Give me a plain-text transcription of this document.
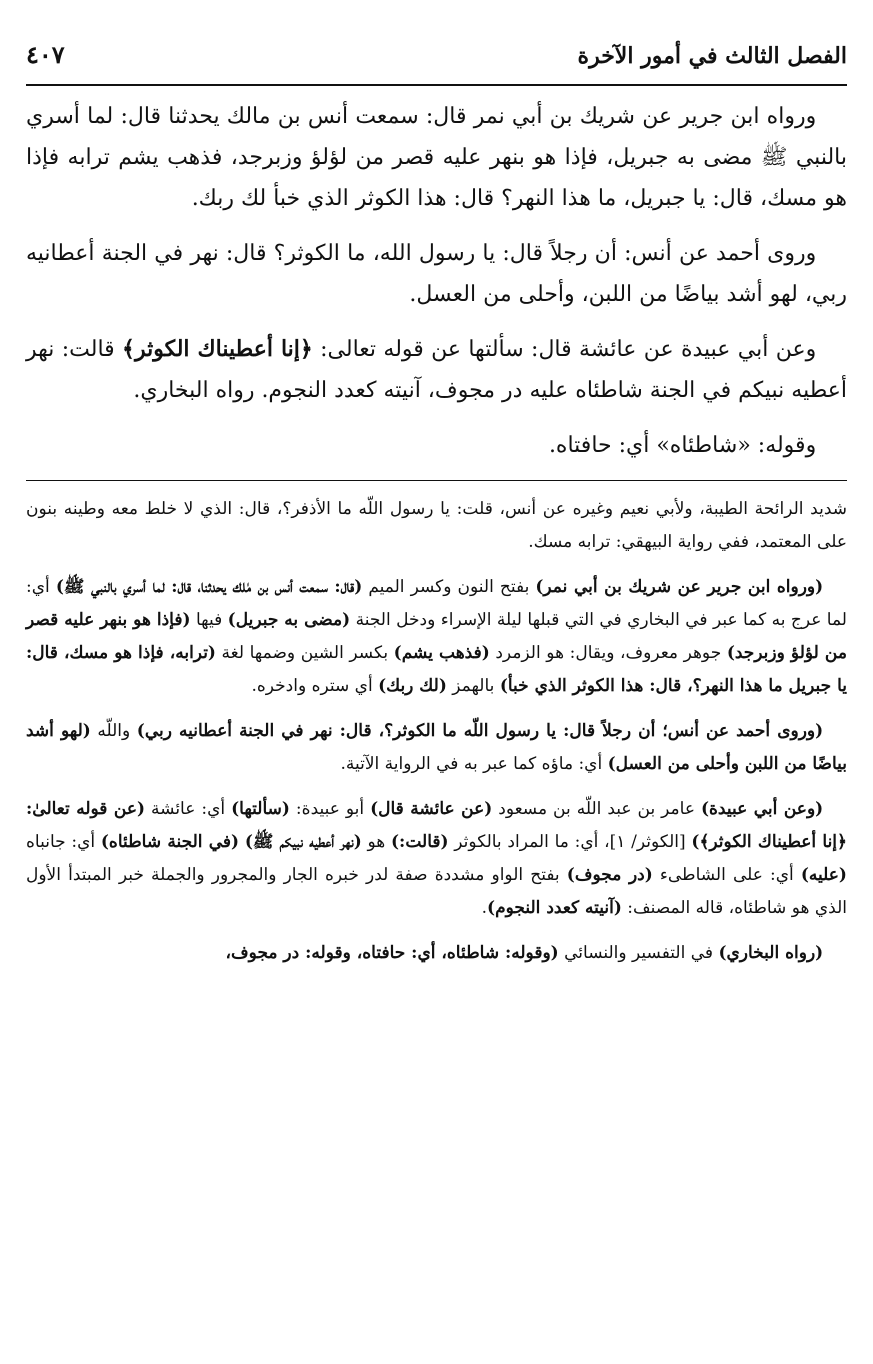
الفصل الثالث في أمور الآخرة
٤٠٧

ورواه ابن جرير عن شريك بن أبي نمر قال: سمعت أنس بن مالك يحدثنا قال: لما أسري بالنبي ﷺ مضى به جبريل، فإذا هو بنهر عليه قصر من لؤلؤ وزبرجد، فذهب يشم ترابه فإذا هو مسك، قال: يا جبريل، ما هذا النهر؟ قال: هذا الكوثر الذي خبأ لك ربك.

وروى أحمد عن أنس: أن رجلاً قال: يا رسول الله، ما الكوثر؟ قال: نهر في الجنة أعطانيه ربي، لهو أشد بياضًا من اللبن، وأحلى من العسل.

وعن أبي عبيدة عن عائشة قال: سألتها عن قوله تعالى: ﴿إنا أعطيناك الكوثر﴾ قالت: نهر أعطيه نبيكم في الجنة شاطئاه عليه در مجوف، آنيته كعدد النجوم. رواه البخاري.

وقوله: «شاطئاه» أي: حافتاه.

شديد الرائحة الطيبة، ولأبي نعيم وغيره عن أنس، قلت: يا رسول اللّه ما الأذفر؟، قال: الذي لا خلط معه وطينه بنون على المعتمد، ففي رواية البيهقي: ترابه مسك.

(ورواه ابن جرير عن شريك بن أبي نمر) بفتح النون وكسر الميم (قال: سمعت أنس بن مٰلك يحدثنا، قال: لما أسري بالنبي ﷺ) أي: لما عرج به كما عبر في البخاري في التي قبلها ليلة الإسراء ودخل الجنة (مضى به جبريل) فيها (فإذا هو بنهر عليه قصر من لؤلؤ وزبرجد) جوهر معروف، ويقال: هو الزمرد (فذهب يشم) بكسر الشين وضمها لغة (ترابه، فإذا هو مسك، قال: يا جبريل ما هذا النهر؟، قال: هذا الكوثر الذي خبأ) بالهمز (لك ربك) أي ستره وادخره.

(وروى أحمد عن أنس؛ أن رجلاً قال: يا رسول اللّه ما الكوثر؟، قال: نهر في الجنة أعطانيه ربي) واللّه (لهو أشد بياضًا من اللبن وأحلى من العسل) أي: ماؤه كما عبر به في الرواية الآتية.

(وعن أبي عبيدة) عامر بن عبد اللّه بن مسعود (عن عائشة قال) أبو عبيدة: (سألتها) أي: عائشة (عن قوله تعالىٰ: ﴿إنا أعطيناك الكوثر﴾) [الكوثر/ ١]، أي: ما المراد بالكوثر (قالت:) هو (نهر أعطيه نبيكم ﷺ) (في الجنة شاطئاه) أي: جانباه (عليه) أي: على الشاطىء (در مجوف) بفتح الواو مشددة صفة لدر خبره الجار والمجرور والجملة خبر المبتدأ الأول الذي هو شاطئاه، قاله المصنف: (آنيته كعدد النجوم).

(رواه البخاري) في التفسير والنسائي (وقوله: شاطئاه، أي: حافتاه، وقوله: در مجوف،
